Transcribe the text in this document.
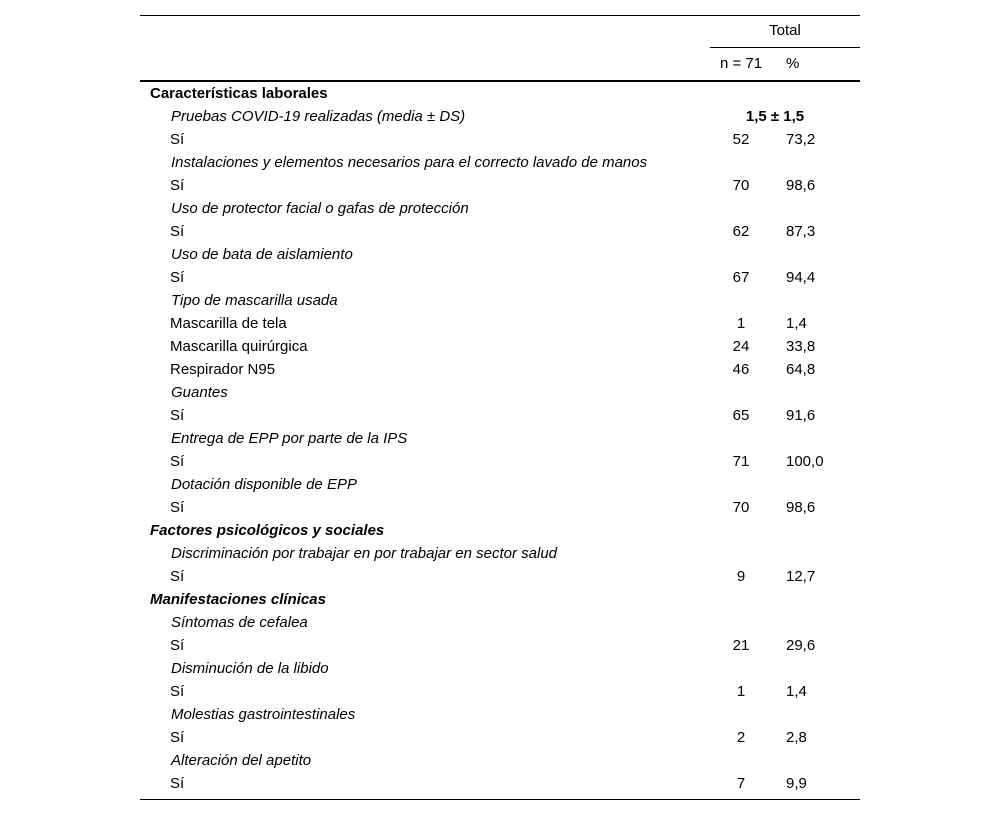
Total
n = 71	%
Características laborales
Pruebas COVID-19 realizadas (media ± DS)	1,5 ± 1,5
Sí	52	73,2
Instalaciones y elementos necesarios para el correcto lavado de manos
Sí	70	98,6
Uso de protector facial o gafas de protección
Sí	62	87,3
Uso de bata de aislamiento
Sí	67	94,4
Tipo de mascarilla usada
Mascarilla de tela	1	1,4
Mascarilla quirúrgica	24	33,8
Respirador N95	46	64,8
Guantes
Sí	65	91,6
Entrega de EPP por parte de la IPS
Sí	71	100,0
Dotación disponible de EPP
Sí	70	98,6
Factores psicológicos y sociales
Discriminación por trabajar en por trabajar en sector salud
Sí	9	12,7
Manifestaciones clínicas
Síntomas de cefalea
Sí	21	29,6
Disminución de la libido
Sí	1	1,4
Molestias gastrointestinales
Sí	2	2,8
Alteración del apetito
Sí	7	9,9
